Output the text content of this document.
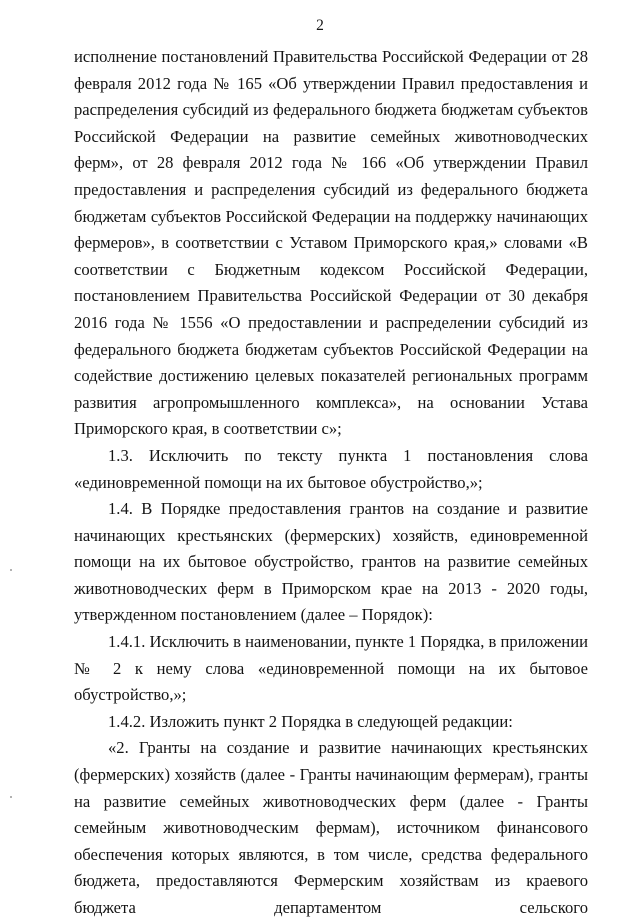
2

исполнение постановлений Правительства Российской Федерации от 28 февраля 2012 года № 165 «Об утверждении Правил предоставления и распределения субсидий из федерального бюджета бюджетам субъектов Российской Федерации на развитие семейных животноводческих ферм», от 28 февраля 2012 года № 166 «Об утверждении Правил предоставления и распределения субсидий из федерального бюджета бюджетам субъектов Российской Федерации на поддержку начинающих фермеров», в соответствии с Уставом Приморского края,» словами «В соответствии с Бюджетным кодексом Российской Федерации, постановлением Правительства Российской Федерации от 30 декабря 2016 года № 1556 «О предоставлении и распределении субсидий из федерального бюджета бюджетам субъектов Российской Федерации на содействие достижению целевых показателей региональных программ развития агропромышленного комплекса», на основании Устава Приморского края, в соответствии с»;

1.3. Исключить по тексту пункта 1 постановления слова «единовременной помощи на их бытовое обустройство,»;

1.4. В Порядке предоставления грантов на создание и развитие начинающих крестьянских (фермерских) хозяйств, единовременной помощи на их бытовое обустройство, грантов на развитие семейных животноводческих ферм в Приморском крае на 2013 - 2020 годы, утвержденном постановлением (далее – Порядок):

1.4.1. Исключить в наименовании, пункте 1 Порядка, в приложении № 2 к нему слова «единовременной помощи на их бытовое обустройство,»;

1.4.2. Изложить пункт 2 Порядка в следующей редакции:

«2. Гранты на создание и развитие начинающих крестьянских (фермерских) хозяйств (далее - Гранты начинающим фермерам), гранты на развитие семейных животноводческих ферм (далее - Гранты семейным животноводческим фермам), источником финансового обеспечения которых являются, в том числе, средства федерального бюджета, предоставляются Фермерским хозяйствам из краевого бюджета департаментом сельского
